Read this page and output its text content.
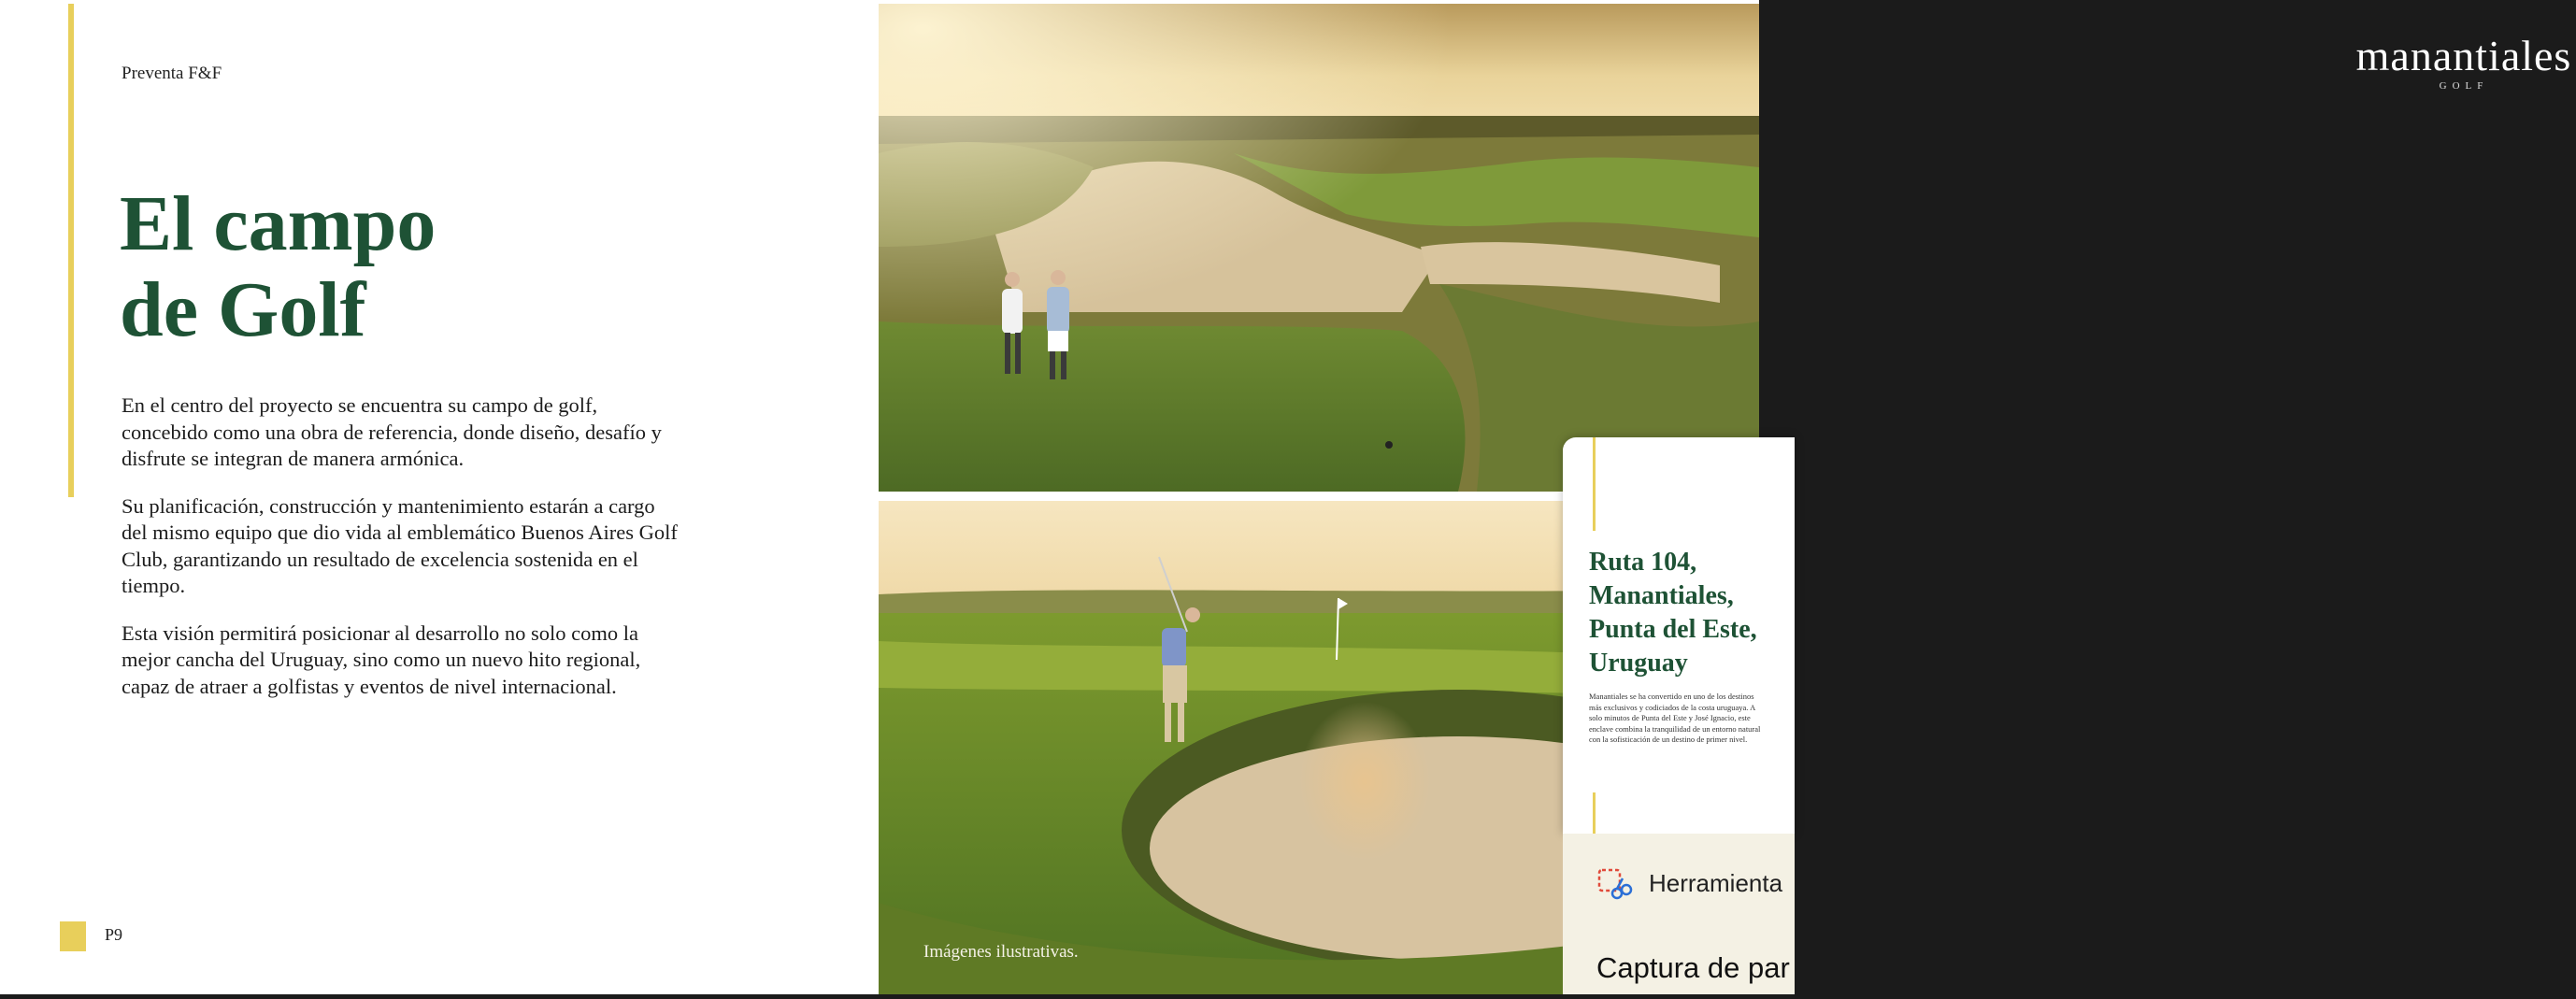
Preventa F&F
El campo
de Golf

En el centro del proyecto se encuentra su campo de golf, concebido como una obra de referencia, donde diseño, desafío y disfrute se integran de manera armónica.

Su planificación, construcción y mantenimiento estarán a cargo del mismo equipo que dio vida al emblemático Buenos Aires Golf Club, garantizando un resultado de excelencia sostenida en el tiempo.

Esta visión permitirá posicionar al desarrollo no solo como la mejor cancha del Uruguay, sino como un nuevo hito regional, capaz de atraer a golfistas y eventos de nivel internacional.

P9
manantiales
GOLF
Imágenes ilustrativas.
Ruta 104,
Manantiales,
Punta del Este,
Uruguay
Manantiales se ha convertido en uno de los destinos más exclusivos y codiciados de la costa uruguaya. A solo minutos de Punta del Este y José Ignacio, este enclave combina la tranquilidad de un entorno natural con la sofisticación de un destino de primer nivel.
Herramienta
Captura de par
